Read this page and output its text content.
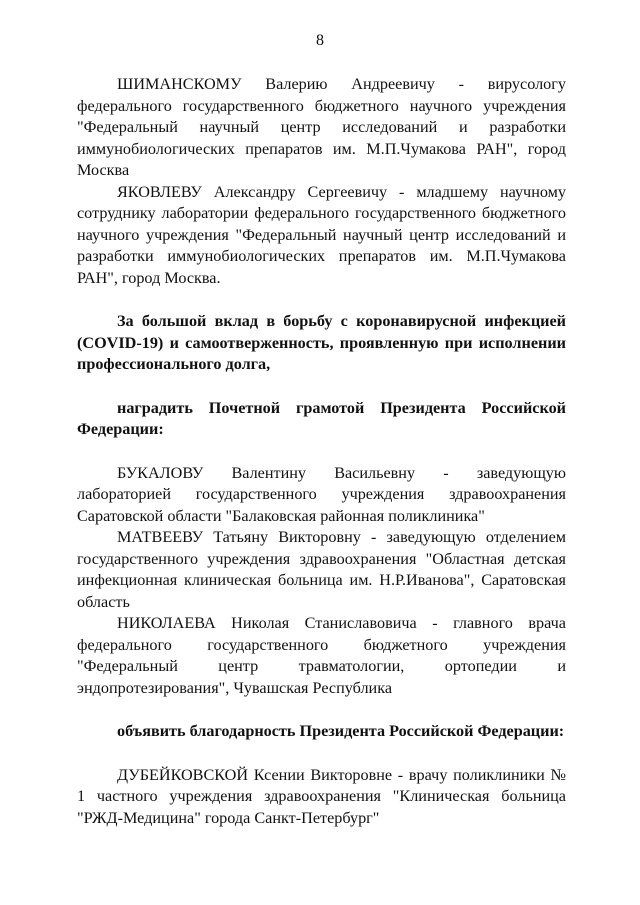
8

ШИМАНСКОМУ Валерию Андреевичу - вирусологу федерального государственного бюджетного научного учреждения "Федеральный научный центр исследований и разработки иммунобиологических препаратов им. М.П.Чумакова РАН", город Москва

ЯКОВЛЕВУ Александру Сергеевичу - младшему научному сотруднику лаборатории федерального государственного бюджетного научного учреждения "Федеральный научный центр исследований и разработки иммунобиологических препаратов им. М.П.Чумакова РАН", город Москва.

За большой вклад в борьбу с коронавирусной инфекцией (COVID-19) и самоотверженность, проявленную при исполнении профессионального долга,

наградить Почетной грамотой Президента Российской Федерации:

БУКАЛОВУ Валентину Васильевну - заведующую лабораторией государственного учреждения здравоохранения Саратовской области "Балаковская районная поликлиника"

МАТВЕЕВУ Татьяну Викторовну - заведующую отделением государственного учреждения здравоохранения "Областная детская инфекционная клиническая больница им. Н.Р.Иванова", Саратовская область

НИКОЛАЕВА Николая Станиславовича - главного врача федерального государственного бюджетного учреждения "Федеральный центр травматологии, ортопедии и эндопротезирования", Чувашская Республика

объявить благодарность Президента Российской Федерации:

ДУБЕЙКОВСКОЙ Ксении Викторовне - врачу поликлиники № 1 частного учреждения здравоохранения "Клиническая больница "РЖД-Медицина" города Санкт-Петербург"
